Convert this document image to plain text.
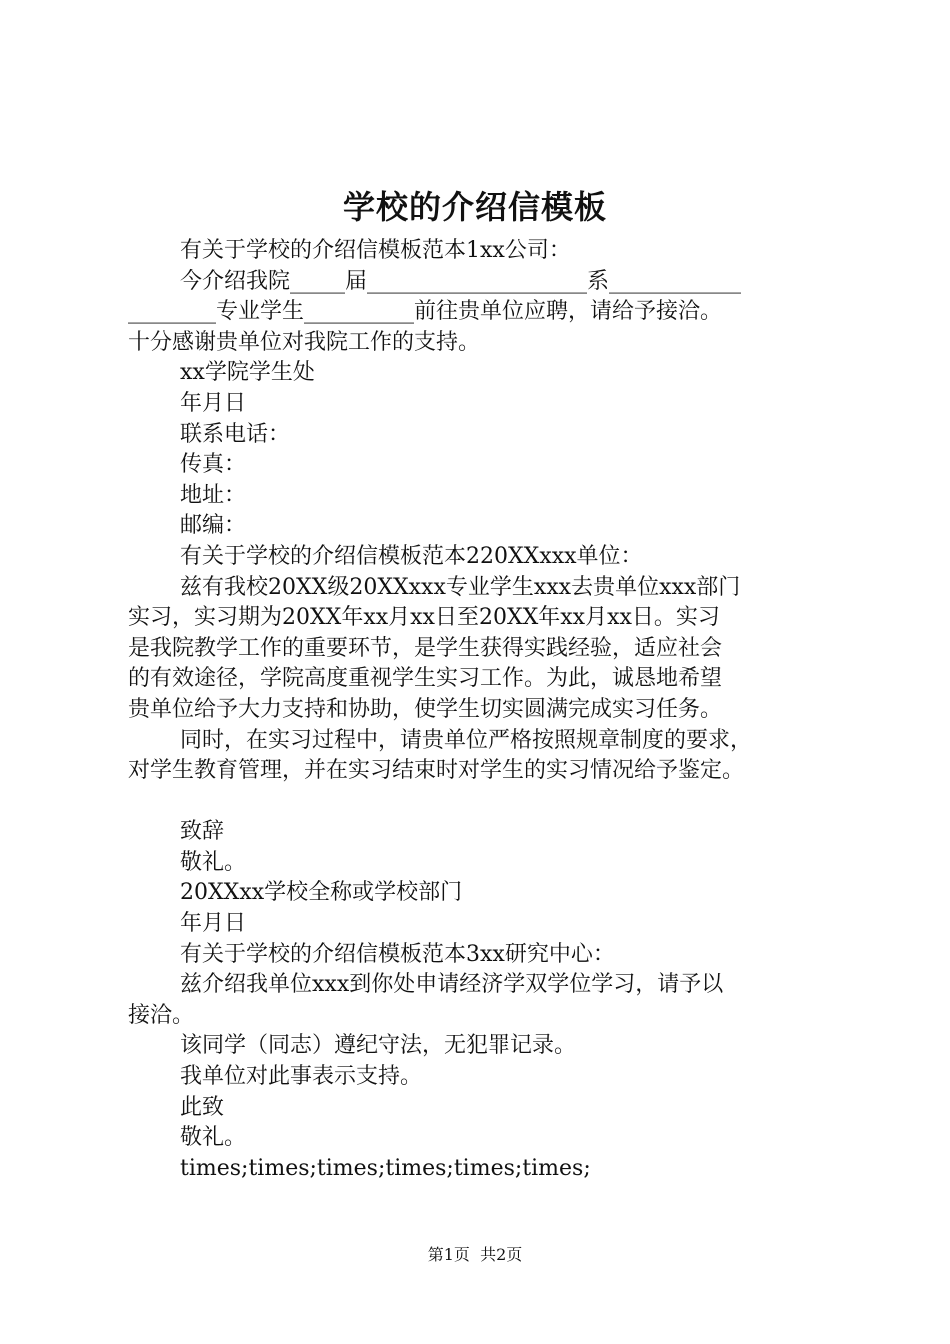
学校的介绍信模板

有关于学校的介绍信模板范本1xx公司：

今介绍我院_____届____________________系____________

________专业学生__________前往贵单位应聘，请给予接洽。

十分感谢贵单位对我院工作的支持。

xx学院学生处

年月日

联系电话：

传真：

地址：

邮编：

有关于学校的介绍信模板范本220XXxxx单位：

兹有我校20XX级20XXxxx专业学生xxx去贵单位xxx部门

实习，实习期为20XX年xx月xx日至20XX年xx月xx日。实习

是我院教学工作的重要环节，是学生获得实践经验，适应社会

的有效途径，学院高度重视学生实习工作。为此，诚恳地希望

贵单位给予大力支持和协助，使学生切实圆满完成实习任务。

同时，在实习过程中，请贵单位严格按照规章制度的要求，

对学生教育管理，并在实习结束时对学生的实习情况给予鉴定。

致辞

敬礼。

20XXxx学校全称或学校部门

年月日

有关于学校的介绍信模板范本3xx研究中心：

兹介绍我单位xxx到你处申请经济学双学位学习，请予以

接洽。

该同学（同志）遵纪守法，无犯罪记录。

我单位对此事表示支持。

此致

敬礼。

times;times;times;times;times;times;

第1页 共2页
